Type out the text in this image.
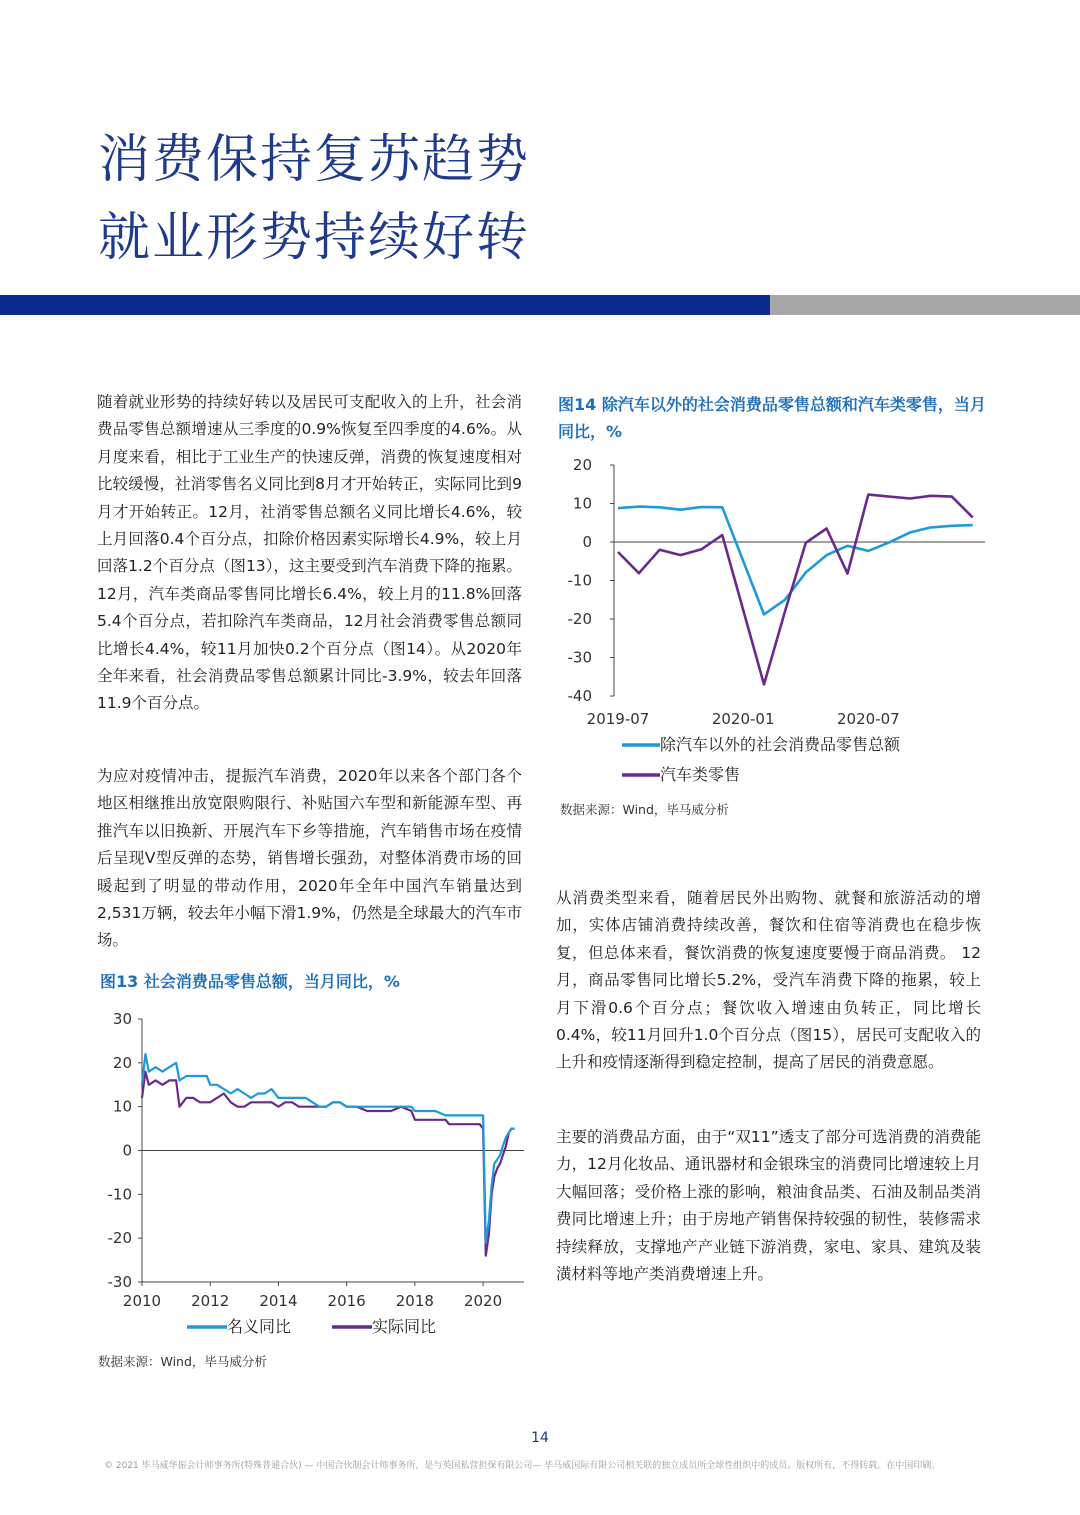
消费保持复苏趋势
就业形势持续好转
随着就业形势的持续好转以及居民可支配收入的上升，社会消费品零售总额增速从三季度的0.9%恢复至四季度的4.6%。从月度来看，相比于工业生产的快速反弹，消费的恢复速度相对比较缓慢，社消零售名义同比到8月才开始转正，实际同比到9月才开始转正。12月，社消零售总额名义同比增长4.6%，较上月回落0.4个百分点，扣除价格因素实际增长4.9%，较上月回落1.2个百分点（图13），这主要受到汽车消费下降的拖累。12月，汽车类商品零售同比增长6.4%，较上月的11.8%回落5.4个百分点，若扣除汽车类商品，12月社会消费零售总额同比增长4.4%，较11月加快0.2个百分点（图14）。从2020年全年来看，社会消费品零售总额累计同比-3.9%，较去年回落11.9个百分点。
为应对疫情冲击，提振汽车消费，2020年以来各个部门各个地区相继推出放宽限购限行、补贴国六车型和新能源车型、再推汽车以旧换新、开展汽车下乡等措施，汽车销售市场在疫情后呈现V型反弹的态势，销售增长强劲，对整体消费市场的回暖起到了明显的带动作用，2020年全年中国汽车销量达到2,531万辆，较去年小幅下滑1.9%，仍然是全球最大的汽车市场。
图13 社会消费品零售总额，当月同比，%
30
20
10
0
-10
-20
-30
2010 2012 2014 2016 2018 2020
名义同比	实际同比
数据来源：Wind，毕马威分析
图14 除汽车以外的社会消费品零售总额和汽车类零售，当月同比，%
20
10
0
-10
-20
-30
-40
2019-07	2020-01	2020-07
除汽车以外的社会消费品零售总额
汽车类零售
数据来源：Wind，毕马威分析
从消费类型来看，随着居民外出购物、就餐和旅游活动的增加，实体店铺消费持续改善，餐饮和住宿等消费也在稳步恢复，但总体来看，餐饮消费的恢复速度要慢于商品消费。 12月，商品零售同比增长5.2%，受汽车消费下降的拖累，较上月下滑0.6个百分点；餐饮收入增速由负转正，同比增长0.4%，较11月回升1.0个百分点（图15），居民可支配收入的上升和疫情逐渐得到稳定控制，提高了居民的消费意愿。
主要的消费品方面，由于“双11”透支了部分可选消费的消费能力，12月化妆品、通讯器材和金银珠宝的消费同比增速较上月大幅回落；受价格上涨的影响，粮油食品类、石油及制品类消费同比增速上升；由于房地产销售保持较强的韧性，装修需求持续释放，支撑地产产业链下游消费，家电、家具、建筑及装潢材料等地产类消费增速上升。
14
© 2021 毕马威华振会计师事务所(特殊普通合伙) — 中国合伙制会计师事务所，是与英国私营担保有限公司— 毕马威国际有限公司相关联的独立成员所全球性组织中的成员。版权所有，不得转载。在中国印刷。
